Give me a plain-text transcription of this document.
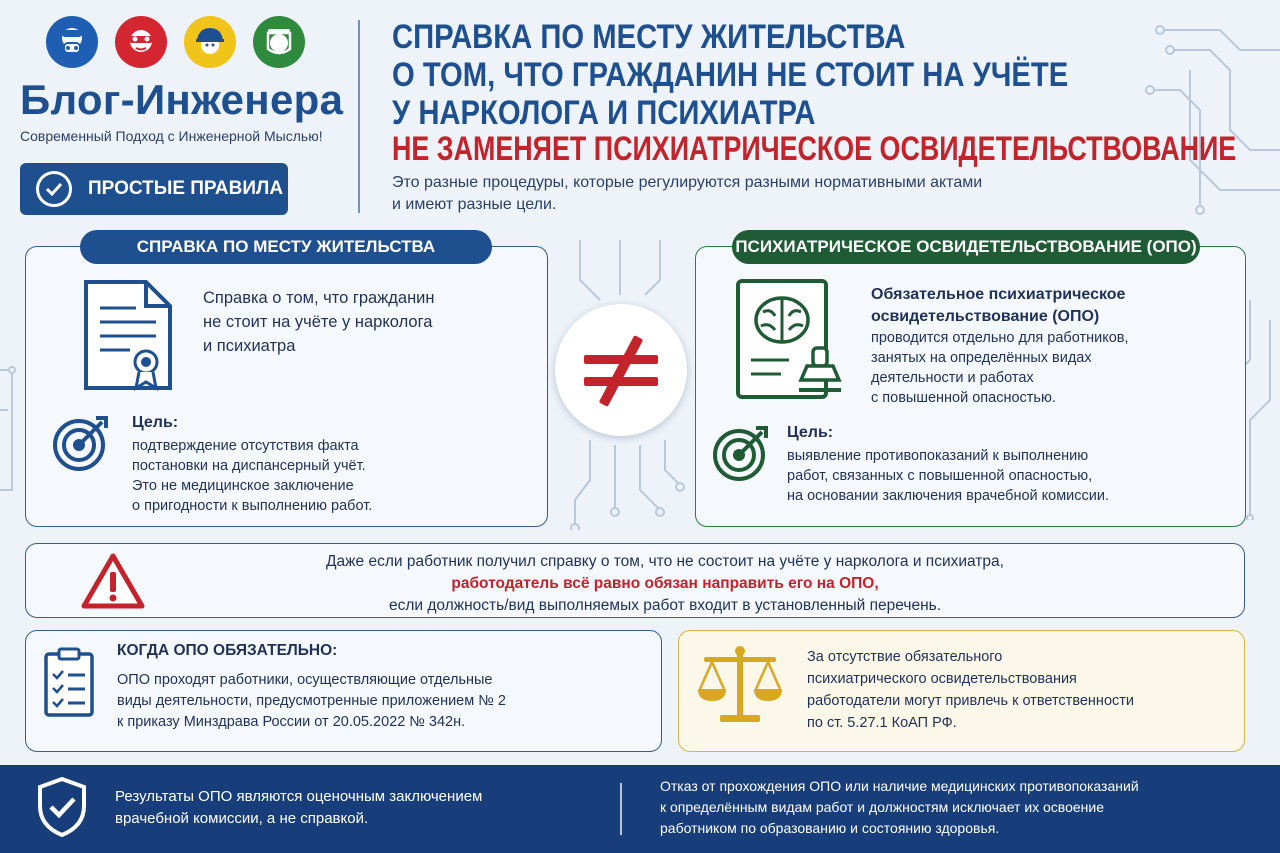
Блог-Инженера
Современный Подход с Инженерной Мыслью!
ПРОСТЫЕ ПРАВИЛА
СПРАВКА ПО МЕСТУ ЖИТЕЛЬСТВА
О ТОМ, ЧТО ГРАЖДАНИН НЕ СТОИТ НА УЧЁТЕ
У НАРКОЛОГА И ПСИХИАТРА
НЕ ЗАМЕНЯЕТ ПСИХИАТРИЧЕСКОЕ ОСВИДЕТЕЛЬСТВОВАНИЕ
Это разные процедуры, которые регулируются разными нормативными актами
и имеют разные цели.
СПРАВКА ПО МЕСТУ ЖИТЕЛЬСТВА
Справка о том, что гражданин
не стоит на учёте у нарколога
и психиатра
Цель:
подтверждение отсутствия факта
постановки на диспансерный учёт.
Это не медицинское заключение
о пригодности к выполнению работ.
ПСИХИАТРИЧЕСКОЕ ОСВИДЕТЕЛЬСТВОВАНИЕ (ОПО)
Обязательное психиатрическое
освидетельствование (ОПО)
проводится отдельно для работников,
занятых на определённых видах
деятельности и работах
с повышенной опасностью.
Цель:
выявление противопоказаний к выполнению
работ, связанных с повышенной опасностью,
на основании заключения врачебной комиссии.
Даже если работник получил справку о том, что не состоит на учёте у нарколога и психиатра,
работодатель всё равно обязан направить его на ОПО,
если должность/вид выполняемых работ входит в установленный перечень.
КОГДА ОПО ОБЯЗАТЕЛЬНО:
ОПО проходят работники, осуществляющие отдельные
виды деятельности, предусмотренные приложением № 2
к приказу Минздрава России от 20.05.2022 № 342н.
За отсутствие обязательного
психиатрического освидетельствования
работодатели могут привлечь к ответственности
по ст. 5.27.1 КоАП РФ.
Результаты ОПО являются оценочным заключением
врачебной комиссии, а не справкой.
Отказ от прохождения ОПО или наличие медицинских противопоказаний
к определённым видам работ и должностям исключает их освоение
работником по образованию и состоянию здоровья.
